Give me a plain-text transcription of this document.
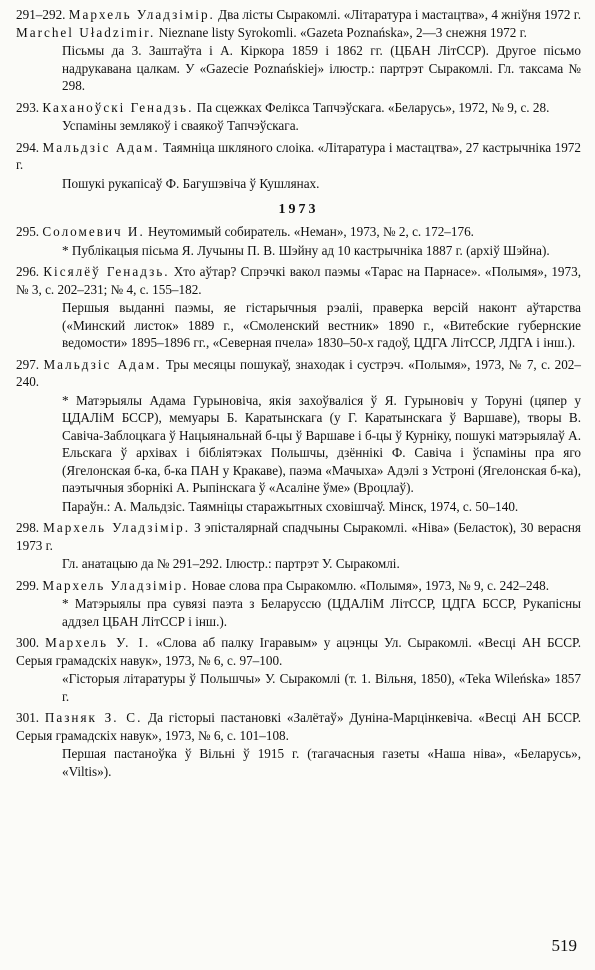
291–292. Мархель Уладзімір. Два лісты Сыракомлі. «Літаратура і мастацтва», 4 жніўня 1972 г.

Marchel Uładzimir. Nieznane listy Syrokomli. «Gazeta Poznańska», 2—3 снежня 1972 г.

Пісьмы да 3. Заштаўта і А. Кіркора 1859 і 1862 гг. (ЦБАН ЛітССР). Другое пісьмо надрукавана цалкам. У «Gazecie Poznańskiej» ілюстр.: партрэт Сыракомлі. Гл. таксама № 298.

293. Каханоўскі Генадзь. Па сцежках Феліксa Тапчэўскага. «Беларусь», 1972, № 9, с. 28.

Успаміны землякоў і сваякоў Тапчэўскага.

294. Мальдзіс Адам. Таямніца шкляного слоіка. «Літаратура і мастацтва», 27 кастрычніка 1972 г.

Пошукі рукапісаў Ф. Багушэвіча ў Кушлянах.

1973

295. Соломевич И. Неутомимый собиратель. «Неман», 1973, № 2, с. 172–176.

* Публікацыя пісьма Я. Лучыны П. В. Шэйну ад 10 кастрычніка 1887 г. (архіў Шэйна).

296. Кісялёў Генадзь. Хто аўтар? Спрэчкі вакол паэмы «Тарас на Парнасе». «Полымя», 1973, № 3, с. 202–231; № 4, с. 155–182.

Першыя выданні паэмы, яе гістарычныя рэаліі, праверка версій наконт аўтарства («Минский листок» 1889 г., «Смоленский вестник» 1890 г., «Витебские губернские ведомости» 1895–1896 гг., «Северная пчела» 1830–50-х гадоў, ЦДГА ЛітССР, ЛДГА і інш.).

297. Мальдзіс Адам. Тры месяцы пошукаў, знаходак і сустрэч. «Полымя», 1973, № 7, с. 202–240.

* Матэрыялы Адама Гурыновіча, якія захоўваліся ў Я. Гурыновіч у Торуні (цяпер у ЦДАЛіМ БССР), мемуары Б. Каратынскага (у Г. Каратынскага ў Варшаве), творы В. Савіча-Заблоцкага ў Нацыянальнай б-цы ў Варшаве і б-цы ў Курніку, пошукі матэрыялаў А. Ельскага ў архівах і бібліятэках Польшчы, дзённікі Ф. Савіча і ўспаміны пра яго (Ягелонская б-ка, б-ка ПАН у Кракаве), паэма «Мачыха» Адэлі з Устроні (Ягелонская б-ка), паэтычныя зборнікі А. Рыпінскага ў «Асаліне ўме» (Вроцлаў).

Параўн.: А. Мальдзіс. Таямніцы старажытных сховішчаў. Мінск, 1974, с. 50–140.

298. Мархель Уладзімір. З эпісталярнай спадчыны Сыракомлі. «Ніва» (Беласток), 30 верасня 1973 г.

Гл. анатацыю да № 291–292. Ілюстр.: партрэт У. Сыракомлі.

299. Мархель Уладзімір. Новае слова пра Сыракомлю. «Полымя», 1973, № 9, с. 242–248.

* Матэрыялы пра сувязі паэта з Беларуссю (ЦДАЛіМ ЛітССР, ЦДГА БССР, Рукапісны аддзел ЦБАН ЛітССР і інш.).

300. Мархель У. І. «Слова аб палку Ігаравым» у ацэнцы Ул. Сыракомлі. «Весці АН БССР. Серыя грамадскіх навук», 1973, № 6, с. 97–100.

«Гісторыя літаратуры ў Польшчы» У. Сыракомлі (т. 1. Вільня, 1850), «Teka Wileńska» 1857 г.

301. Пазняк З. С. Да гісторыі пастановкі «Залётаў» Дуніна-Марцінкевіча. «Весці АН БССР. Серыя грамадскіх навук», 1973, № 6, с. 101–108.

Першая пастаноўка ў Вільні ў 1915 г. (тагачасныя газеты «Наша ніва», «Беларусь», «Viltis»).

519
